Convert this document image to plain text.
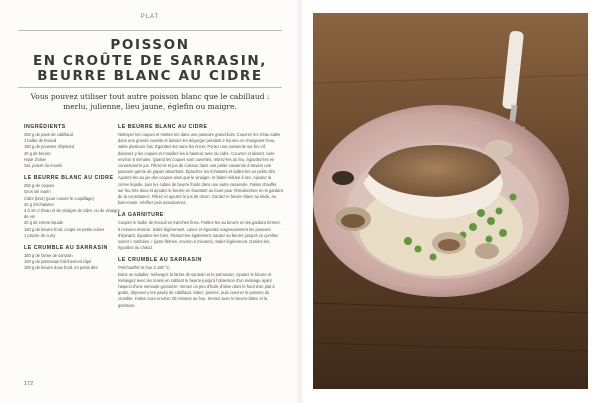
PLAT
POISSON
EN CROÛTE DE SARRASIN,
BEURRE BLANC AU CIDRE
Vous pouvez utiliser tout autre poisson blanc que le cabillaud :
merlu, julienne, lieu jaune, églefin ou maigre.
INGRÉDIENTS

400 g de pavé de cabillaud

1 bulbe de fenouil

150 g de pousses d'épinard

40 g de beurre

Huile d'olive

Sel, poivre du moulin

LE BEURRE BLANC AU CIDRE

250 g de coques

Gros sel marin

Cidre (brut) (pour couvrir le coquillage)

40 g d'échalotes

3 à 10 cl d'eau et de vinaigre de cidre, ou de vinaigre de vin

20 g de crème liquide

150 g de beurre froid, coupé en petits cubes

1 pincée de curry

LE CRUMBLE AU SARRASIN

150 g de farine de sarrasin

100 g de parmesan fraîchement râpé

100 g de beurre doux froid, en petits dés

LE BEURRE BLANC AU CIDRE

Nettoyez les coques et mettez-les dans une passoire grand-bols. Couvrez les d'eau salée dans une grande cuvette et laissez-les dégorger pendant 2 heures en changeant l'eau, salée plusieurs fois. Égouttez-les sans les rincer. Portez une casserole sur feu vif, déposez-y les coques et mouillez-les à hauteur avec du cidre. Couvrez et laissez cuire environ 5 minutes. Quand les coques sont ouvertes, retirez-les du feu, égouttez-les en conservant le jus. Filtrez-le et jus de cuisson dans une petite casserole à travers une passoire garnie de papier absorbant. Épluchez les échalotes et taillez-les en petits dés. Ajoutez-les au jus des coques ainsi que le vinaigre, et faites réduire à sec. Ajoutez la crème liquide, puis les cubes de beurre froids dans une autre casserole. Faites chauffer sur feu très doux et ajoutez le beurre en fouettant au fouet pour l'émulsionner en le gardant de la consistance. Filtrez et ajoutez le jus de citron. Gardez le beurre blanc au tiède, au bain-marie. Vérifiez puis assaisonnez.

LA GARNITURE

Coupez le bulbe de fenouil en tranches fines. Poêlez-les au beurre en les gardant fermes, 5 minutes environ. Salez légèrement. Lavez et égouttez soigneusement les pousses d'épinard, égouttez-les bien. Passez-les également, sautez au beurre jusqu'à ce qu'elles soient « tombées » (juste flétries, environ 2 minutes). Salez légèrement. Gardez-les, égouttez au chaud.

LE CRUMBLE AU SARRASIN

Préchauffez le four à 180 °C.

Dans un saladier, mélangez la farine de sarrasin et le parmesan. Ajoutez le beurre et mélangez avec les mains en sablant le beurre jusqu'à l'obtention d'un mélange ayant l'aspect d'une semoule grossière. Versez un peu d'huile d'olive dans le fond d'un plat à gratin, déposez-y les pavés de cabillaud. Salez, poivrez, puis couvrez le poisson du crumble. Faites cuire environ 20 minutes au four. Servez avec le beurre blanc et la garniture.

172
